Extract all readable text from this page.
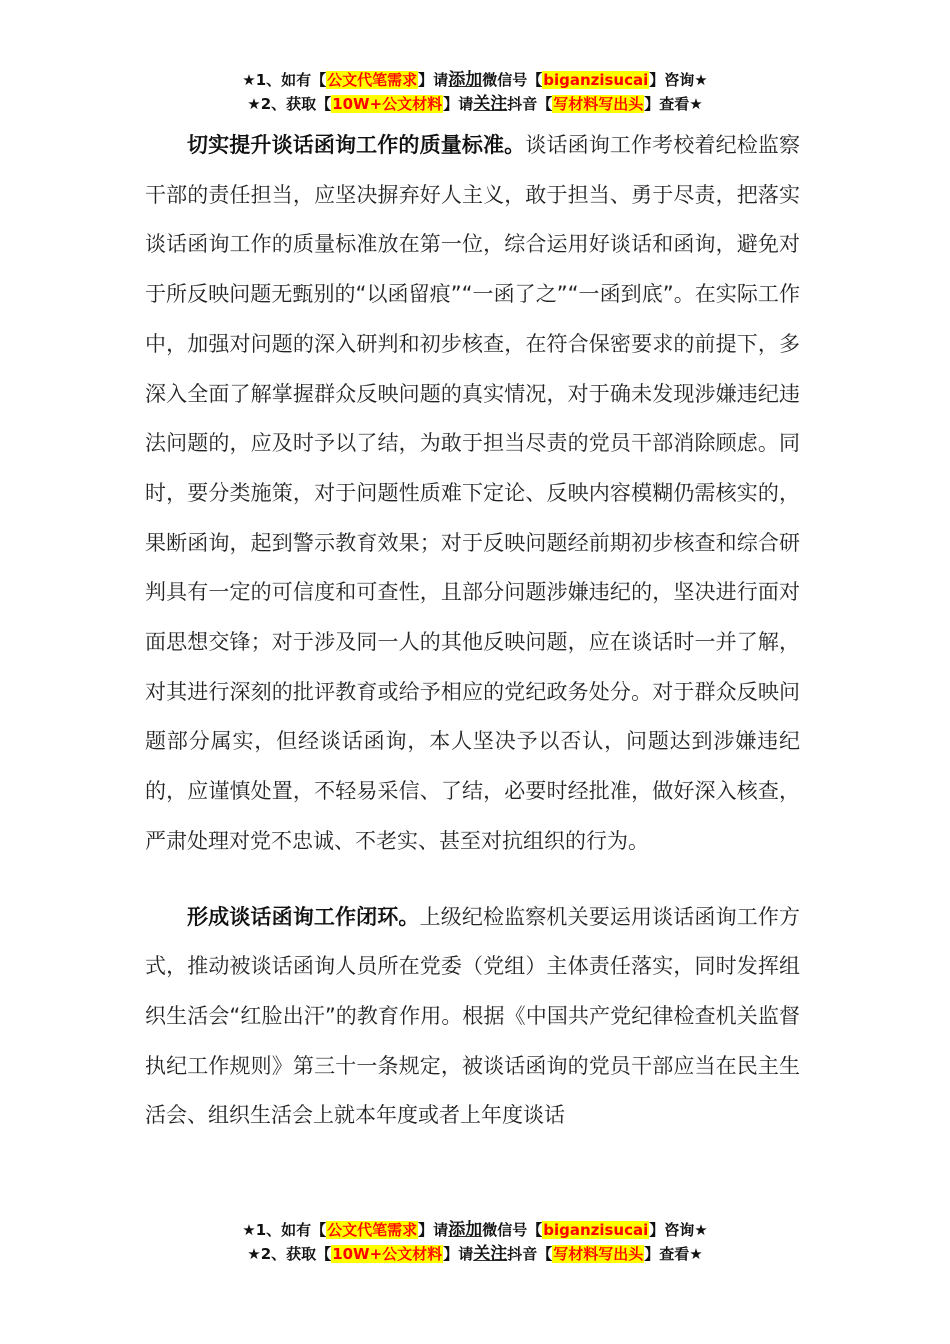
★1、如有【公文代笔需求】请添加微信号【biganzisucai】咨询★
★2、获取【10W+公文材料】请关注抖音【写材料写出头】查看★

切实提升谈话函询工作的质量标准。谈话函询工作考校着纪检监察干部的责任担当，应坚决摒弃好人主义，敢于担当、勇于尽责，把落实谈话函询工作的质量标准放在第一位，综合运用好谈话和函询，避免对于所反映问题无甄别的“以函留痕”“一函了之”“一函到底”。在实际工作中，加强对问题的深入研判和初步核查，在符合保密要求的前提下，多深入全面了解掌握群众反映问题的真实情况，对于确未发现涉嫌违纪违法问题的，应及时予以了结，为敢于担当尽责的党员干部消除顾虑。同时，要分类施策，对于问题性质难下定论、反映内容模糊仍需核实的，果断函询，起到警示教育效果；对于反映问题经前期初步核查和综合研判具有一定的可信度和可查性，且部分问题涉嫌违纪的，坚决进行面对面思想交锋；对于涉及同一人的其他反映问题，应在谈话时一并了解，对其进行深刻的批评教育或给予相应的党纪政务处分。对于群众反映问题部分属实，但经谈话函询，本人坚决予以否认，问题达到涉嫌违纪的，应谨慎处置，不轻易采信、了结，必要时经批准，做好深入核查，严肃处理对党不忠诚、不老实、甚至对抗组织的行为。

形成谈话函询工作闭环。上级纪检监察机关要运用谈话函询工作方式，推动被谈话函询人员所在党委（党组）主体责任落实，同时发挥组织生活会“红脸出汗”的教育作用。根据《中国共产党纪律检查机关监督执纪工作规则》第三十一条规定，被谈话函询的党员干部应当在民主生活会、组织生活会上就本年度或者上年度谈话

★1、如有【公文代笔需求】请添加微信号【biganzisucai】咨询★
★2、获取【10W+公文材料】请关注抖音【写材料写出头】查看★
